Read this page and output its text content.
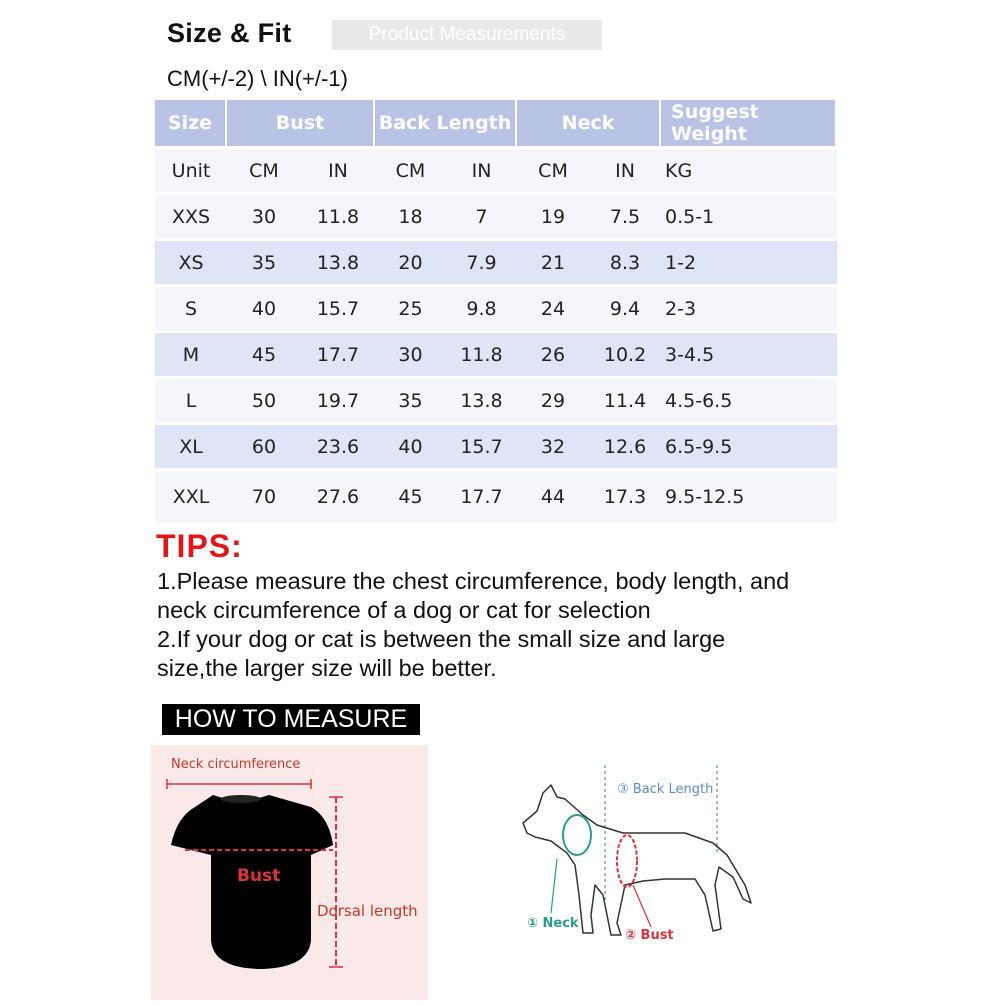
Size & Fit	Product Measurements
CM(+/-2) \ IN(+/-1)
Size	Bust		Back Length		Neck		Suggest Weight
Unit	CM	IN	CM	IN	CM	IN	KG
XXS	30	11.8	18	7	19	7.5	0.5-1
XS	35	13.8	20	7.9	21	8.3	1-2
S	40	15.7	25	9.8	24	9.4	2-3
M	45	17.7	30	11.8	26	10.2	3-4.5
L	50	19.7	35	13.8	29	11.4	4.5-6.5
XL	60	23.6	40	15.7	32	12.6	6.5-9.5
XXL	70	27.6	45	17.7	44	17.3	9.5-12.5
TIPS:
1.Please measure the chest circumference, body length, and
neck circumference of a dog or cat for selection
2.If your dog or cat is between the small size and large
size,the larger size will be better.
HOW TO MEASURE
Neck circumference
Bust
Dorsal length
③ Back Length
① Neck
② Bust
